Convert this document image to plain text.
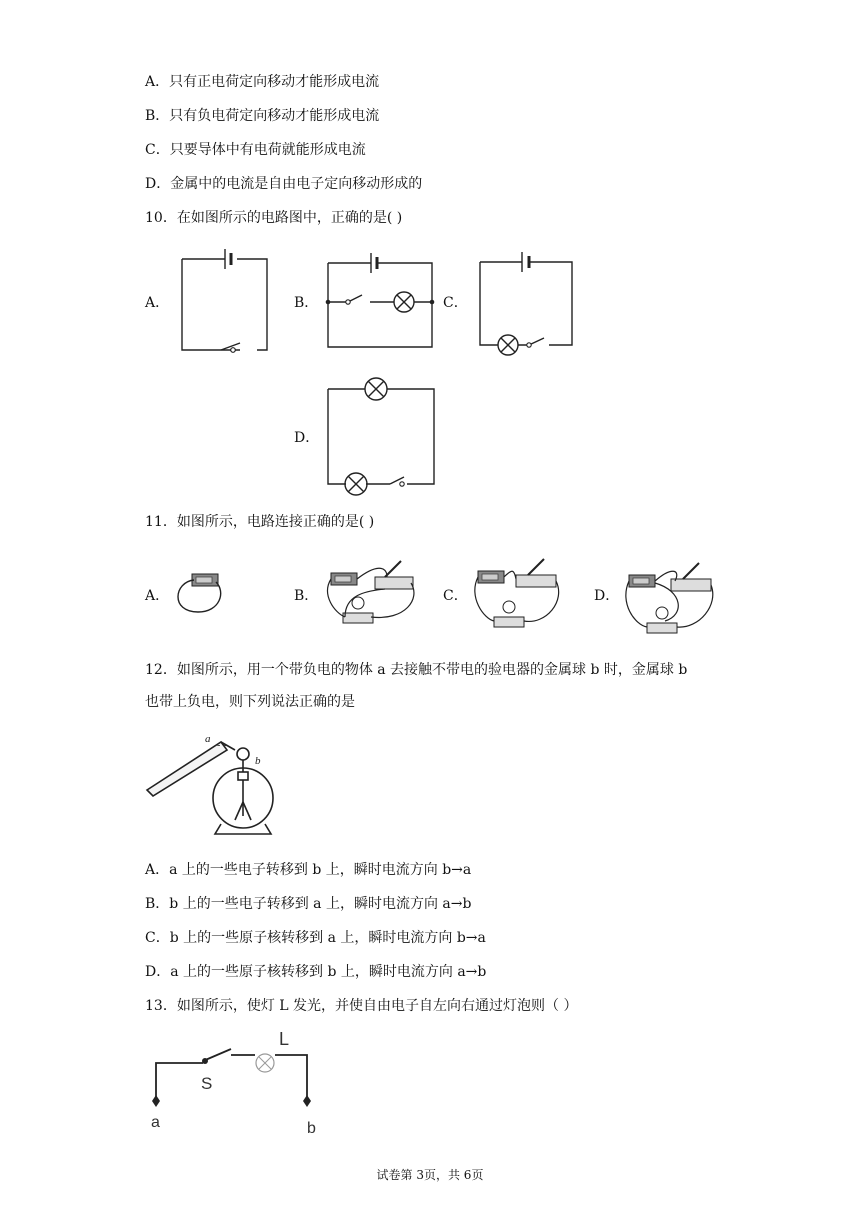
A．只有正电荷定向移动才能形成电流
B．只有负电荷定向移动才能形成电流
C．只要导体中有电荷就能形成电流
D．金属中的电流是自由电子定向移动形成的
10．在如图所示的电路图中，正确的是( )
A．	B．	C．
D．
11．如图所示，电路连接正确的是( )
A．	B．	C．	D．
12．如图所示，用一个带负电的物体 a 去接触不带电的验电器的金属球 b 时，金属球 b
也带上负电，则下列说法正确的是
a
- -
b
A．a 上的一些电子转移到 b 上，瞬时电流方向 b→a
B．b 上的一些电子转移到 a 上，瞬时电流方向 a→b
C．b 上的一些原子核转移到 a 上，瞬时电流方向 b→a
D．a 上的一些原子核转移到 b 上，瞬时电流方向 a→b
13．如图所示，使灯 L 发光，并使自由电子自左向右通过灯泡则（ ）
L
S
a	b
试卷第 3页，共 6页
